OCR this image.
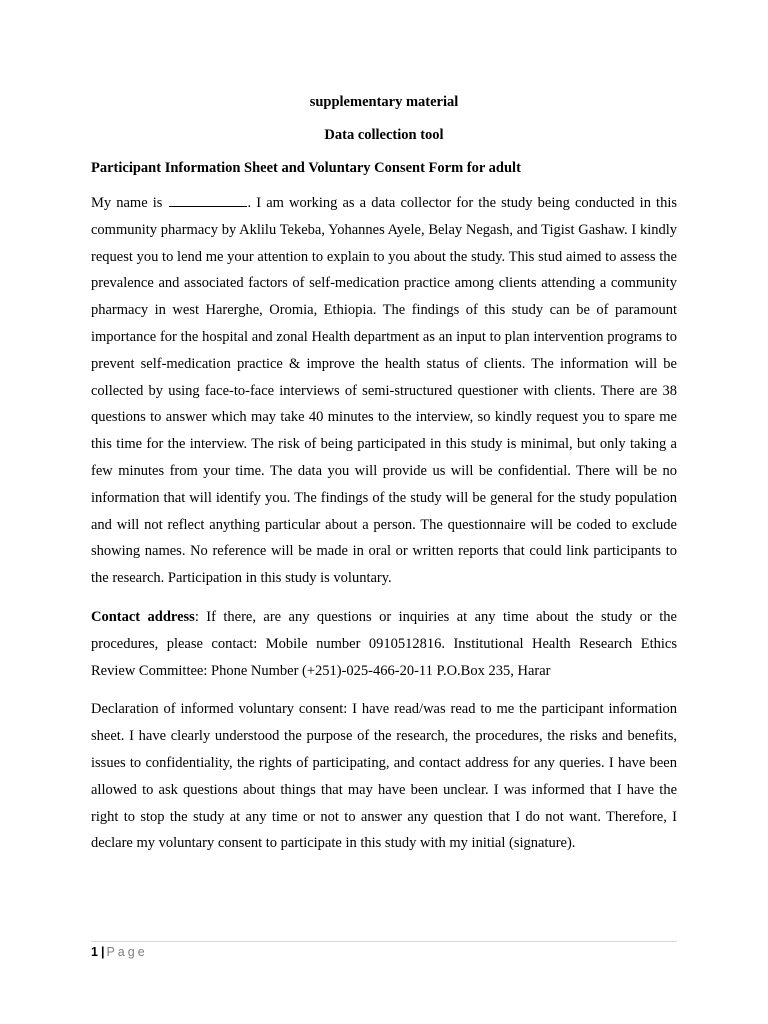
supplementary material

Data collection tool

Participant Information Sheet and Voluntary Consent Form for adult

My name is	. I am working as a data collector for the study being conducted in this community pharmacy by Aklilu Tekeba, Yohannes Ayele, Belay Negash, and Tigist Gashaw. I kindly request you to lend me your attention to explain to you about the study. This stud aimed to assess the prevalence and associated factors of self-medication practice among clients attending a community pharmacy in west Harerghe, Oromia, Ethiopia. The findings of this study can be of paramount importance for the hospital and zonal Health department as an input to plan intervention programs to prevent self-medication practice & improve the health status of clients. The information will be collected by using face-to-face interviews of semi-structured questioner with clients. There are 38 questions to answer which may take 40 minutes to the interview, so kindly request you to spare me this time for the interview. The risk of being participated in this study is minimal, but only taking a few minutes from your time. The data you will provide us will be confidential. There will be no information that will identify you. The findings of the study will be general for the study population and will not reflect anything particular about a person. The questionnaire will be coded to exclude showing names. No reference will be made in oral or written reports that could link participants to the research. Participation in this study is voluntary.

Contact address: If there, are any questions or inquiries at any time about the study or the procedures, please contact: Mobile number 0910512816. Institutional Health Research Ethics Review Committee: Phone Number (+251)-025-466-20-11 P.O.Box 235, Harar

Declaration of informed voluntary consent: I have read/was read to me the participant information sheet. I have clearly understood the purpose of the research, the procedures, the risks and benefits, issues to confidentiality, the rights of participating, and contact address for any queries. I have been allowed to ask questions about things that may have been unclear. I was informed that I have the right to stop the study at any time or not to answer any question that I do not want. Therefore, I declare my voluntary consent to participate in this study with my initial (signature).

1 | Page
